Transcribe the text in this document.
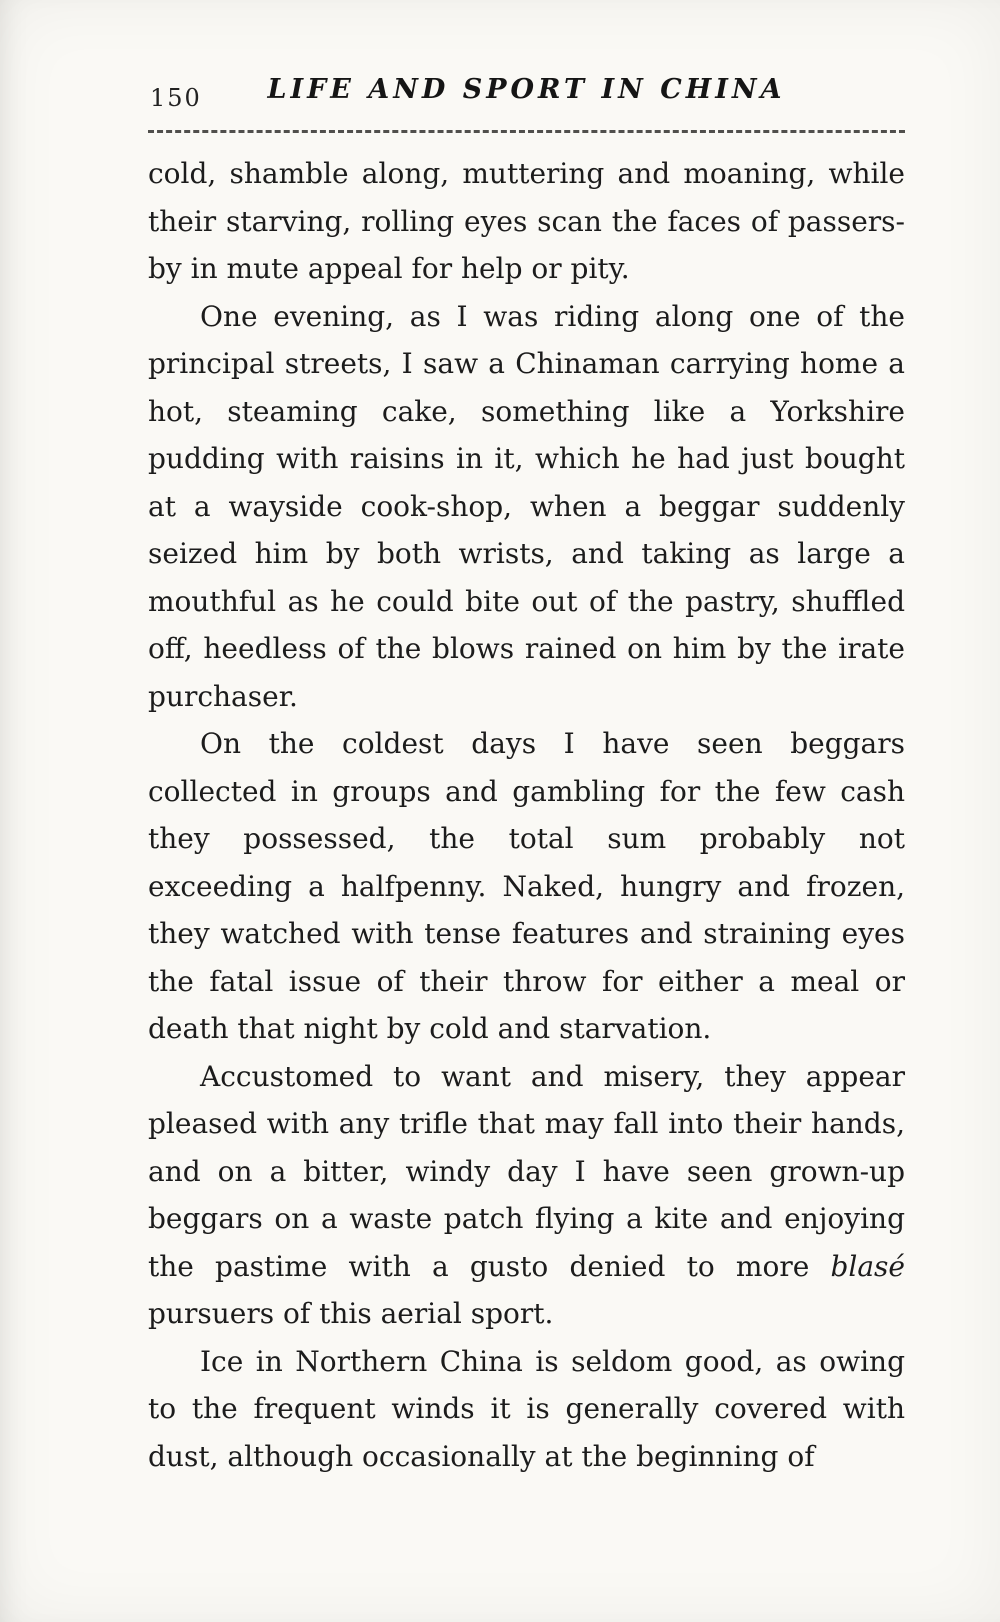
150	LIFE AND SPORT IN CHINA

cold, shamble along, muttering and moaning, while their starving, rolling eyes scan the faces of passers-by in mute appeal for help or pity.

One evening, as I was riding along one of the principal streets, I saw a Chinaman carrying home a hot, steaming cake, something like a Yorkshire pudding with raisins in it, which he had just bought at a wayside cook-shop, when a beggar suddenly seized him by both wrists, and taking as large a mouthful as he could bite out of the pastry, shuffled off, heedless of the blows rained on him by the irate purchaser.

On the coldest days I have seen beggars collected in groups and gambling for the few cash they possessed, the total sum probably not exceeding a halfpenny. Naked, hungry and frozen, they watched with tense features and straining eyes the fatal issue of their throw for either a meal or death that night by cold and starvation.

Accustomed to want and misery, they appear pleased with any trifle that may fall into their hands, and on a bitter, windy day I have seen grown-up beggars on a waste patch flying a kite and enjoying the pastime with a gusto denied to more blasé pursuers of this aerial sport.

Ice in Northern China is seldom good, as owing to the frequent winds it is generally covered with dust, although occasionally at the beginning of
